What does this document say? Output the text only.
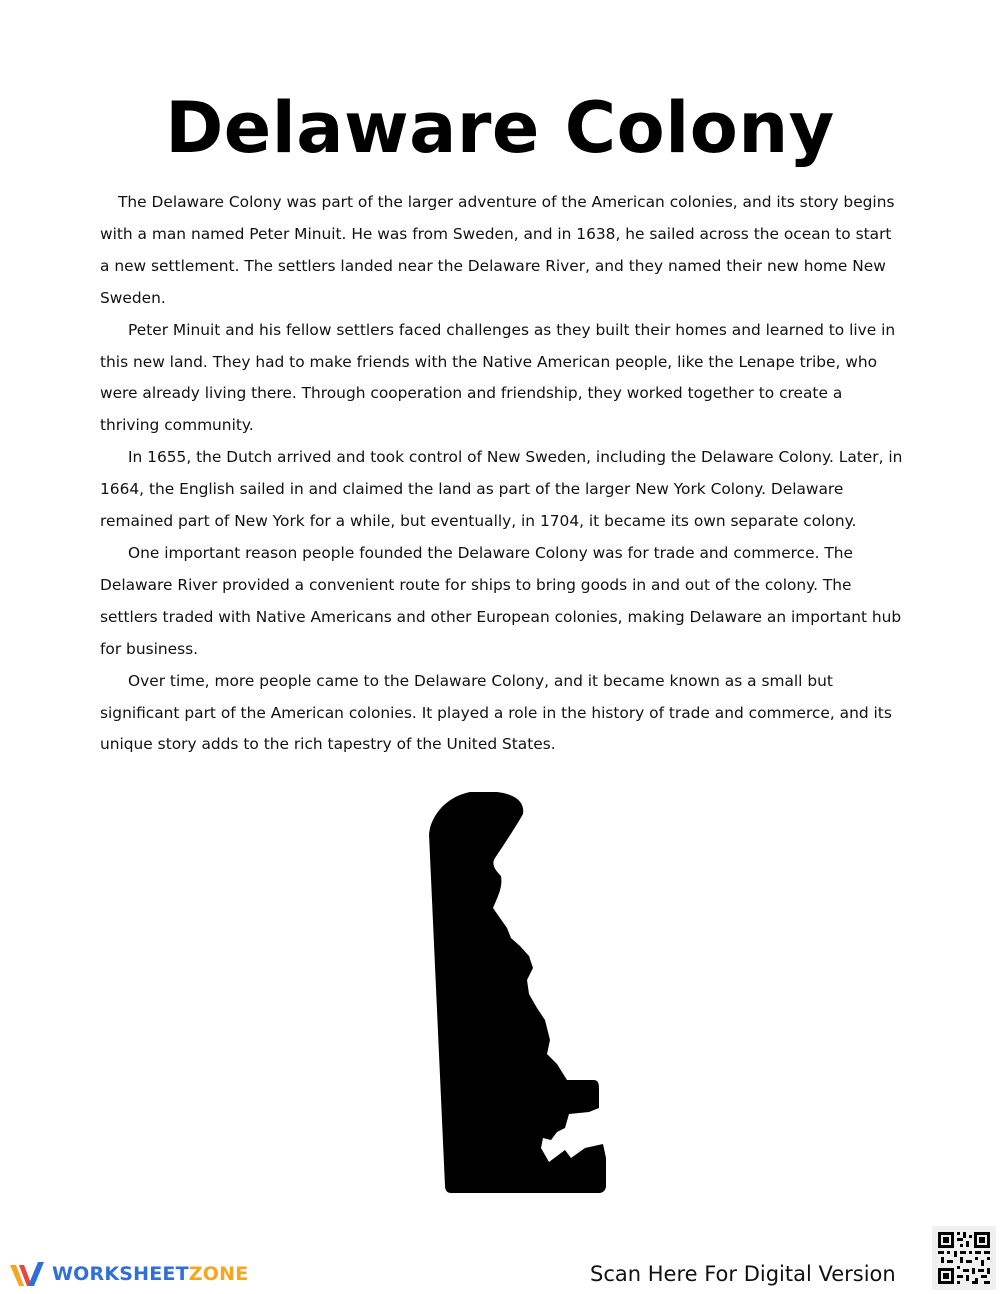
Delaware Colony

The Delaware Colony was part of the larger adventure of the American colonies, and its story begins with a man named Peter Minuit. He was from Sweden, and in 1638, he sailed across the ocean to start a new settlement. The settlers landed near the Delaware River, and they named their new home New Sweden.

Peter Minuit and his fellow settlers faced challenges as they built their homes and learned to live in this new land. They had to make friends with the Native American people, like the Lenape tribe, who were already living there. Through cooperation and friendship, they worked together to create a thriving community.

In 1655, the Dutch arrived and took control of New Sweden, including the Delaware Colony. Later, in 1664, the English sailed in and claimed the land as part of the larger New York Colony. Delaware remained part of New York for a while, but eventually, in 1704, it became its own separate colony.

One important reason people founded the Delaware Colony was for trade and commerce. The Delaware River provided a convenient route for ships to bring goods in and out of the colony. The settlers traded with Native Americans and other European colonies, making Delaware an important hub for business.

Over time, more people came to the Delaware Colony, and it became known as a small but significant part of the American colonies. It played a role in the history of trade and commerce, and its unique story adds to the rich tapestry of the United States.

WORKSHEETZONE	Scan Here For Digital Version
